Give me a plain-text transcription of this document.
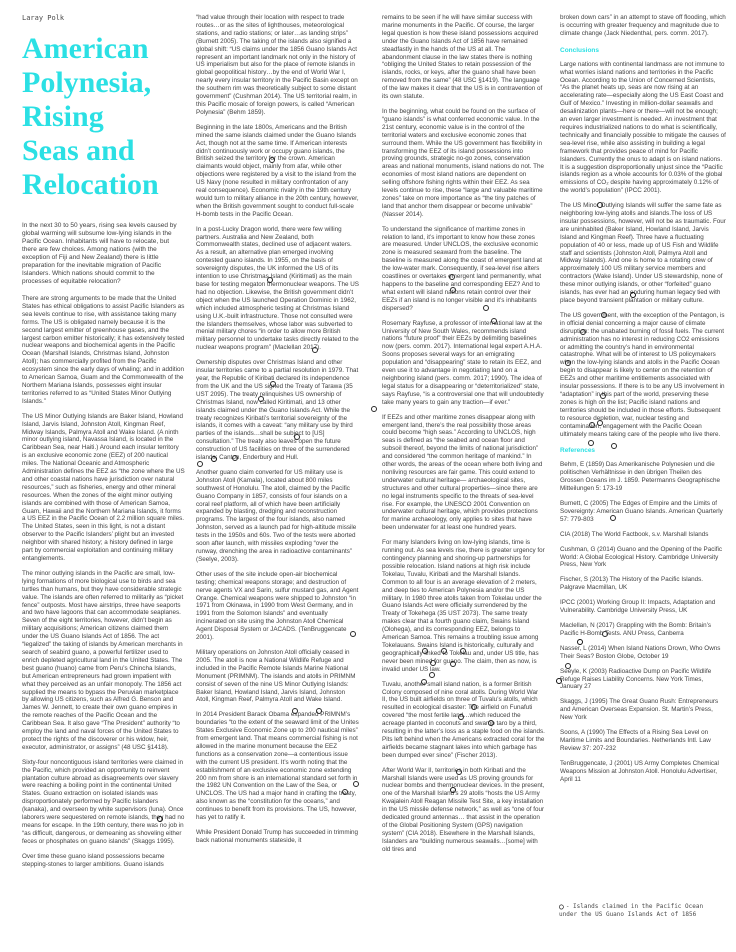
Laray Polk

American
Polynesia,
Rising
Seas and
Relocation

In the next 30 to 50 years, rising sea levels caused by global warming will subsume low-lying islands in the Pacific Ocean. Inhabitants will have to relocate, but there are few choices. Among nations (with the exception of Fiji and New Zealand) there is little preparation for the inevitable migration of Pacific Islanders. Which nations should commit to the processes of equitable relocation?

There are strong arguments to be made that the United States has ethical obligations to assist Pacific Islanders as sea levels continue to rise, with assistance taking many forms. The US is obligated namely because it is the second largest emitter of greenhouse gases, and the largest carbon emitter historically; it has extensively tested nuclear weapons and biochemical agents in the Pacific Ocean (Marshall Islands, Christmas Island, Johnston Atoll); has commercially profited from the Pacific ecosystem since the early days of whaling; and in addition to American Samoa, Guam and the Commonwealth of the Northern Mariana Islands, possesses eight insular territories referred to as “United States Minor Outlying Islands.”

The US Minor Outlying Islands are Baker Island, Howland Island, Jarvis Island, Johnston Atoll, Kingman Reef, Midway Islands, Palmyra Atoll and Wake Island. (A ninth minor outlying island, Navassa Island, is located in the Caribbean Sea, near Haiti.) Around each insular territory is an exclusive economic zone (EEZ) of 200 nautical miles. The National Oceanic and Atmospheric Administration defines the EEZ as “the zone where the US and other coastal nations have jurisdiction over natural resources,” such as fisheries, energy and other mineral resources. When the zones of the eight minor outlying islands are combined with those of American Samoa, Guam, Hawaii and the Northern Mariana Islands, it forms a US EEZ in the Pacific Ocean of 2.2 million square miles. The United States, seen in this light, is not a distant observer to the Pacific Islanders’ plight but an invested neighbor with shared history; a history defined in large part by commercial exploitation and continuing military entanglements.

The minor outlying islands in the Pacific are small, low-lying formations of more biological use to birds and sea turtles than humans, but they have considerable strategic value. The islands are often referred to militarily as “picket fence” outposts. Most have airstrips, three have seaports and two have lagoons that can accommodate seaplanes. Seven of the eight territories, however, didn’t begin as military acquisitions; American citizens claimed them under the US Guano Islands Act of 1856. The act “legalized” the taking of islands by American merchants in search of seabird guano, a powerful fertilizer used to enrich depleted agricultural land in the United States. The best guano (huano) came from Peru’s Chincha Islands, but American entrepreneurs had grown impatient with what they perceived as an unfair monopoly. The 1856 act supplied the means to bypass the Peruvian marketplace by allowing US citizens, such as Alfred G. Benson and James W. Jennett, to create their own guano empires in the remote reaches of the Pacific Ocean and the Caribbean Sea. It also gave “The President” authority “to employ the land and naval forces of the United States to protect the rights of the discoverer or his widow, heir, executor, administrator, or assigns” (48 USC §1418).

Sixty-four noncontiguous island territories were claimed in the Pacific, which provided an opportunity to reinvent plantation culture abroad as disagreements over slavery were reaching a boiling point in the continental United States. Guano extraction on isolated islands was disproportionately performed by Pacific Islanders (kanaka), and overseen by white supervisors (luna). Once laborers were sequestered on remote islands, they had no means for escape. In the 19th century, there was no job in “as difficult, dangerous, or demeaning as shoveling either feces or phosphates on guano islands” (Skaggs 1995).

Over time these guano island possessions became stepping-stones to larger ambitions. Guano islands

“had value through their location with respect to trade routes…or as the sites of lighthouses, meteorological stations, and radio stations; or later…as landing strips” (Burnett 2005). The taking of the islands also signified a global shift: “US claims under the 1856 Guano Islands Act represent an important landmark not only in the history of US imperialism but also for the place of remote islands in global geopolitical history…by the end of World War I, nearly every insular territory in the Pacific Basin except on the southern rim was theoretically subject to some distant government” (Cushman 2014). The US territorial realm, in this Pacific mosaic of foreign powers, is called “American Polynesia” (Behm 1859).

Beginning in the late 1800s, Americans and the British mined the same islands claimed under the Guano Islands Act, though not at the same time. If American interests didn’t continuously work or occupy guano islands, the British seized the territory for the crown. American claimants would object, mainly from afar, while other objections were registered by a visit to the island from the US Navy (none resulted in military confrontation of any real consequence). Economic rivalry in the 19th century would turn to military alliance in the 20th century, however, when the British government sought to conduct full-scale H-bomb tests in the Pacific Ocean.

In a post-Lucky Dragon world, there were few willing partners. Australia and New Zealand, both Commonwealth states, declined use of adjacent waters. As a result, an alternative plan emerged involving contested guano islands. In 1955, on the basis of sovereignty disputes, the UK informed the US of its intention to use Christmas Island (Kiritimati) as the main base for testing megaton thermonuclear weapons. The US had no objection. Likewise, the British government didn’t object when the US launched Operation Dominic in 1962, which included atmospheric testing at Christmas Island using U.K.-built infrastructure. Those not consulted were the Islanders themselves, whose labor was subverted to menial military chores “in order to allow more British military personnel to undertake tasks directly related to the nuclear weapons program” (Maclellan 2017).

Ownership disputes over Christmas Island and other insular territories came to a partial resolution in 1979. That year, the Republic of Kiribati declared its independence from the UK and the US signed the Treaty of Tarawa (35 UST 2095). The treaty relinquishes US ownership of Christmas Island, now called Kiritimati, and 13 other islands claimed under the Guano Islands Act. While the treaty recognizes Kiribati’s territorial sovereignty of the islands, it comes with a caveat: “any military use by third parties of the islands…shall be subject to [US] consultation.” The treaty also leaves open the future construction of US facilities on three of the surrendered islands: Canton, Enderbury and Hull.

Another guano claim converted for US military use is Johnston Atoll (Kamala), located about 800 miles southwest of Honolulu. The atoll, claimed by the Pacific Guano Company in 1857, consists of four islands on a coral reef platform, all of which have been artificially expanded by blasting, dredging and reconstruction programs. The largest of the four islands, also named Johnston, served as a launch pad for high-altitude missile tests in the 1950s and 60s. Two of the tests were aborted soon after launch, with missiles exploding “over the runway, drenching the area in radioactive contaminants” (Seelye, 2003).

Other uses of the site include open-air biochemical testing; chemical weapons storage; and destruction of nerve agents VX and Sarin, sulfur mustard gas, and Agent Orange. Chemical weapons were shipped to Johnston “in 1971 from Okinawa, in 1990 from West Germany, and in 1991 from the Solomon Islands” and eventually incinerated on site using the Johnston Atoll Chemical Agent Disposal System or JACADS. (TenBruggencate 2001).

Military operations on Johnston Atoll officially ceased in 2005. The atoll is now a National Wildlife Refuge and included in the Pacific Remote Islands Marine National Monument (PRIMNM). The islands and atolls in PRIMNM consist of seven of the nine US Minor Outlying Islands: Baker Island, Howland Island, Jarvis Island, Johnston Atoll, Kingman Reef, Palmyra Atoll and Wake Island.

In 2014 President Barack Obama expanded PRIMNM’s boundaries “to the extent of the seaward limit of the Unites States Exclusive Economic Zone up to 200 nautical miles” from emergent land. That means commercial fishing is not allowed in the marine monument because the EEZ functions as a conservation zone—a contentious issue with the current US president. It’s worth noting that the establishment of an exclusive economic zone extending 200 nm from shore is an international standard set forth in the 1982 UN Convention on the Law of the Sea, or UNCLOS. The US had a major hand in crafting the treaty, also known as the “constitution for the oceans,” and continues to benefit from its provisions. The US, however, has yet to ratify it.

While President Donald Trump has succeeded in trimming back national monuments stateside, it

remains to be seen if he will have similar success with marine monuments in the Pacific. Of course, the larger legal question is how these island possessions acquired under the Guano Islands Act of 1856 have remained steadfastly in the hands of the US at all. The abandonment clause in the law states there is nothing “obliging the United States to retain possession of the islands, rocks, or keys, after the guano shall have been removed from the same” (48 USC §1419). The language of the law makes it clear that the US is in contravention of its own statute.

In the beginning, what could be found on the surface of “guano islands” is what conferred economic value. In the 21st century, economic value is in the control of the territorial waters and exclusive economic zones that surround them. While the US government has flexibility in transforming the EEZ of its island possessions into proving grounds, strategic no-go zones, conservation areas and national monuments, island nations do not. The economies of most island nations are dependent on selling offshore fishing rights within their EEZ. As sea levels continue to rise, these “large and valuable maritime zones” take on more importance as “the tiny patches of land that anchor them disappear or become unlivable” (Nasser 2014).

To understand the significance of maritime zones in relation to land, it’s important to know how these zones are measured. Under UNCLOS, the exclusive economic zone is measured seaward from the baseline. The baseline is measured along the coast of emergent land at the low-water mark. Consequently, if sea-level rise alters coastlines or overtakes emergent land permanently, what happens to the baseline and corresponding EEZ? And to what extent will island nations retain control over their EEZs if an island is no longer visible and it’s inhabitants dispersed?

Rosemary Rayfuse, a professor of international law at the University of New South Wales, recommends island nations “future proof” their EEZs by delimiting baselines now (pers. comm. 2017). International legal expert A.H.A. Soons proposes several ways for an emigrating population and “disappearing” state to retain its EEZ, and even use it to advantage in negotiating land on a neighboring island (pers. comm. 2017; 1990). The idea of legal status for a disappearing or “deterritorialized” state, says Rayfuse, “is a controversial one that will undoubtedly take many years to gain any traction—if ever.”

If EEZs and other maritime zones disappear along with emergent land, there’s the real possibility those areas could become “high seas.” According to UNCLOS, high seas is defined as “the seabed and ocean floor and subsoil thereof, beyond the limits of national jurisdiction” and considered “the common heritage of mankind.” In other words, the areas of the ocean where both living and nonliving resources are fair game. This could extend to underwater cultural heritage— archaeological sites, structures and other cultural properties—since there are no legal instruments specific to the threats of sea-level rise. For example, the UNESCO 2001 Convention on underwater cultural heritage, which provides protections for marine archaeology, only applies to sites that have been underwater for at least one hundred years.

For many Islanders living on low-lying islands, time is running out. As sea levels rise, there is greater urgency for contingency planning and shoring-up partnerships for possible relocation. Island nations at high risk include Tokelau, Tuvalu, Kiribati and the Marshall Islands. Common to all four is an average elevation of 2 meters, and deep ties to American Polynesia and/or the US military. In 1980 three atolls taken from Tokelau under the Guano Islands Act were officially surrendered by the Treaty of Tokehega (35 UST 2073). The same treaty makes clear that a fourth guano claim, Swains Island (Olohega), and its corresponding EEZ, belongs to American Samoa. This remains a troubling issue among Tokelauans. Swains Island is historically, culturally and geographically linked to Tokelau and, under US title, has never been mined for guano. The claim, then as now, is invalid under US law.

Tuvalu, another small island nation, is a former British Colony composed of nine coral atolls. During World War II, the US built airfields on three of Tuvalu’s atolls, which resulted in ecological disaster: The airfield on Funafuti covered “the most fertile land…which reduced the acreage planted in coconuts and swamp taro by a third, resulting in the latter’s loss as a staple food on the islands. Pits left behind when the Americans extracted coral for the airfields became stagnant lakes into which garbage has been dumped ever since” (Fischer 2013).

After World War II, territories in both Kiribati and the Marshall Islands were used as US proving grounds for nuclear bombs and thermonuclear devices. In the present, one of the Marshall Island’s 29 atolls “hosts the US Army Kwajalein Atoll Reagan Missile Test Site, a key installation in the US missile defense network,” as well as “one of four dedicated ground antennas… that assist in the operation of the Global Positioning System (GPS) navigation system” (CIA 2018). Elsewhere in the Marshall Islands, Islanders are “building numerous seawalls…[some] with old tires and

broken down cars” in an attempt to stave off flooding, which is occurring with greater frequency and magnitude due to climate change (Jack Niedenthal, pers. comm. 2017).

Conclusions

Large nations with continental landmass are not immune to what worries island nations and territories in the Pacific Ocean. According to the Union of Concerned Scientists, “As the planet heats up, seas are now rising at an accelerating rate—especially along the US East Coast and Gulf of Mexico.” Investing in million-dollar seawalls and desalinization plants—here or there—will not be enough; an even larger investment is needed. An investment that requires industrialized nations to do what is scientifically, technically and financially possible to mitigate the causes of sea-level rise, while also assisting in building a legal framework that provides peace of mind for Pacific Islanders. Currently the onus to adapt is on island nations. It is a suggestion disproportionally unjust since the “Pacific islands region as a whole accounts for 0.03% of the global emissions of CO₂ despite having approximately 0.12% of the world’s population” (IPCC 2001).

The US Minor Outlying Islands will suffer the same fate as neighboring low-lying atolls and islands.The loss of US insular possessions, however, will not be as traumatic. Four are uninhabited (Baker Island, Howland Island, Jarvis Island and Kingman Reef). Three have a fluctuating population of 40 or less, made up of US Fish and Wildlife staff and scientists (Johnston Atoll, Palmyra Atoll and Midway Islands). And one is home to a rotating crew of approximately 100 US military service members and contractors (Wake Island). Under US stewardship, none of these minor outlying islands, or other “forfeited” guano islands, has ever had an enduring human legacy tied with place beyond transient plantation or military culture.

The US government, with the exception of the Pentagon, is in official denial concerning a major cause of climate disruption: the unabated burning of fossil fuels. The current administration has no interest in reducing CO2 emissions or admitting the country’s hand in environmental catastrophe. What will be of interest to US policymakers when the low-lying islands and atolls in the Pacific Ocean begin to disappear is likely to center on the retention of EEZs and other maritime entitlements associated with insular possessions. If there is to be any US involvement in “adaptation” in this part of the world, preserving these zones is high on the list; Pacific island nations and territories should be included in those efforts. Subsequent to resource depletion, war, nuclear testing and contamination, engagement with the Pacific Ocean ultimately means taking care of the people who live there.

References

Behm, E (1859) Das Amerikanische Polynesien und die politischen Verhältnisse in den übrigen Theilen des Grossen Oceans im J. 1859. Petermanns Geographische Mitteilungen 5: 173-19

Burnett, C (2005) The Edges of Empire and the Limits of Sovereignty: American Guano Islands. American Quarterly 57: 779-803

CIA (2018) The World Factbook, s.v. Marshall Islands

Cushman, G (2014) Guano and the Opening of the Pacific World: A Global Ecological History. Cambridge University Press, New York

Fischer, S (2013) The History of the Pacific Islands. Palgrave Macmillan, UK

IPCC (2001) Working Group II: Impacts, Adaptation and Vulnerability. Cambridge University Press, UK

Maclellan, N (2017) Grappling with the Bomb: Britain’s Pacific H-Bomb Tests. ANU Press, Canberra

Nasser, L (2014) When Island Nations Drown, Who Owns Their Seas? Boston Globe, October 19

Seeyle, K (2003) Radioactive Dump on Pacific Wildlife Refuge Raises Liability Concerns. New York Times, January 27

Skaggs, J (1995) The Great Guano Rush: Entrepreneurs and American Overseas Expansion. St. Martin’s Press, New York

Soons, A (1990) The Effects of a Rising Sea Level on Maritime Limits and Boundaries. Netherlands Intl. Law Review 37: 207-232

TenBruggencate, J (2001) US Army Completes Chemical Weapons Mission at Johnston Atoll. Honolulu Advertiser, April 11

○ - Islands claimed in the Pacific Ocean
under the US Guano Islands Act of 1856
